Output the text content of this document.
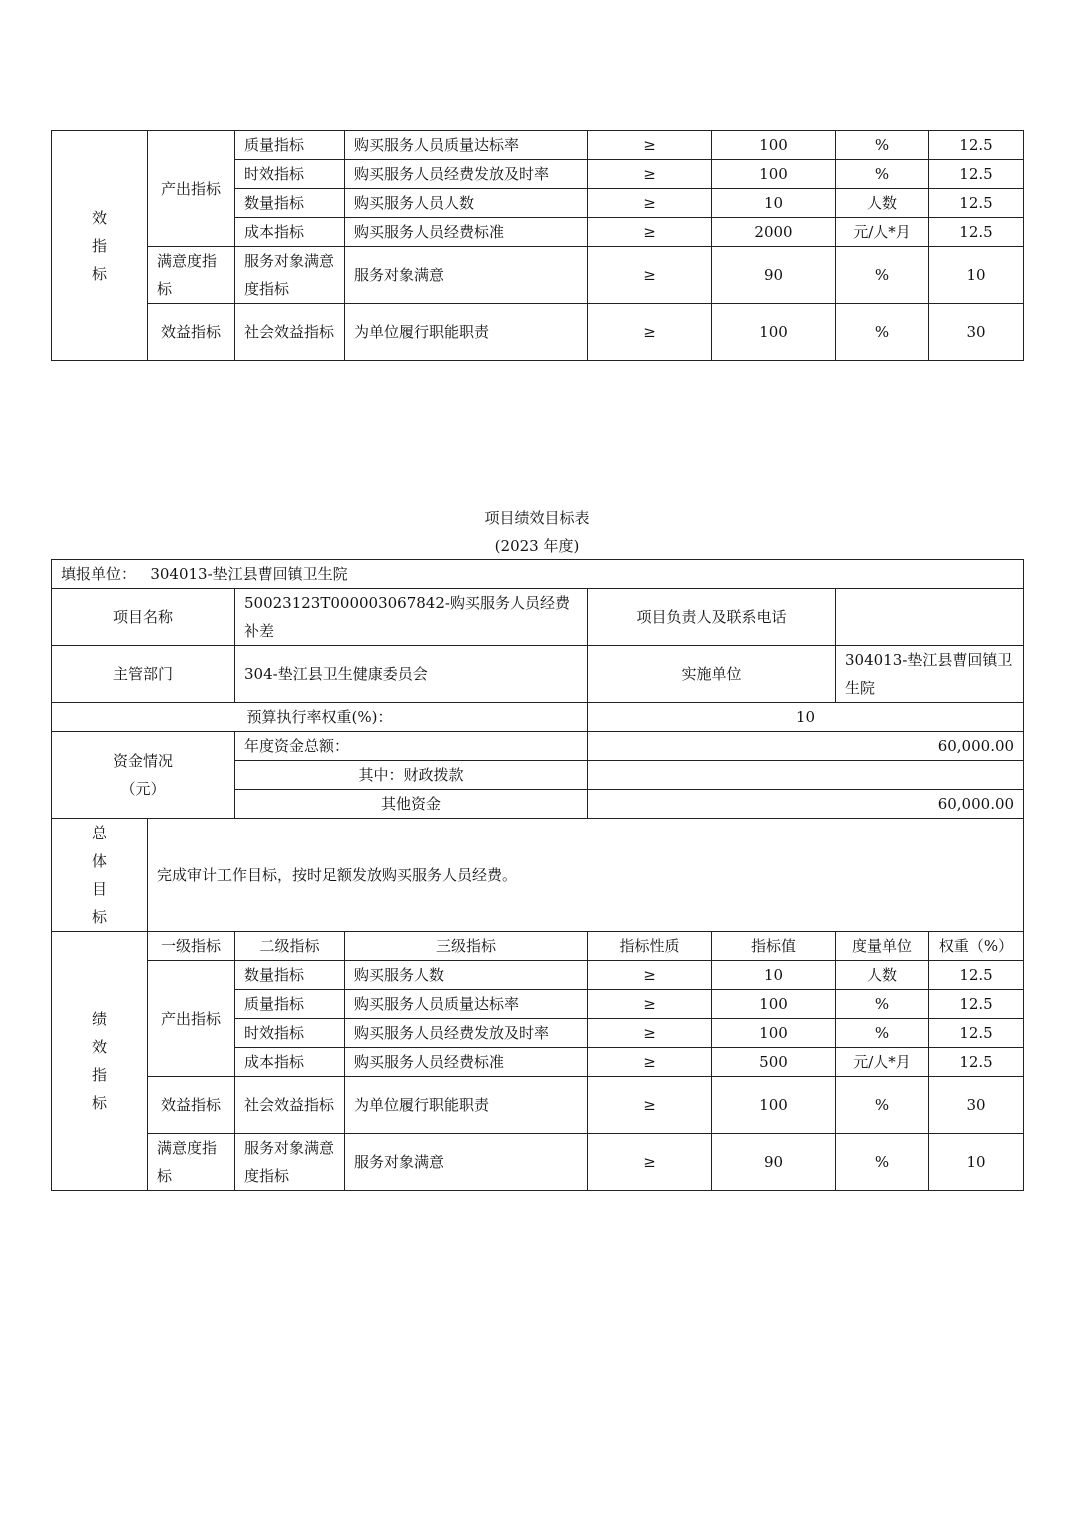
效
指
标	产出指标	质量指标	购买服务人员质量达标率	≥	100	%	12.5
		时效指标	购买服务人员经费发放及时率	≥	100	%	12.5
		数量指标	购买服务人员人数	≥	10	人数	12.5
		成本指标	购买服务人员经费标准	≥	2000	元/人*月	12.5
	满意度指标	服务对象满意度指标	服务对象满意	≥	90	%	10
	效益指标	社会效益指标	为单位履行职能职责	≥	100	%	30
项目绩效目标表
(2023 年度)
填报单位： 304013-垫江县曹回镇卫生院							
项目名称		50023123T000003067842-购买服务人员经费补差		项目负责人及联系电话			
主管部门		304-垫江县卫生健康委员会		实施单位		304013-垫江县曹回镇卫生院	
预算执行率权重(%)：				10			

资金情况
（元）		年度资金总额：		60,000.00			
		其中：财政拨款					
		其他资金		60,000.00			

总
体
目
标	完成审计工作目标，按时足额发放购买服务人员经费。						

绩
效
指
标	一级指标	二级指标	三级指标	指标性质	指标值	度量单位	权重（%）
	产出指标	数量指标	购买服务人数	≥	10	人数	12.5
		质量指标	购买服务人员质量达标率	≥	100	%	12.5
		时效指标	购买服务人员经费发放及时率	≥	100	%	12.5
		成本指标	购买服务人员经费标准	≥	500	元/人*月	12.5
	效益指标	社会效益指标	为单位履行职能职责	≥	100	%	30
	满意度指标	服务对象满意度指标	服务对象满意	≥	90	%	10
